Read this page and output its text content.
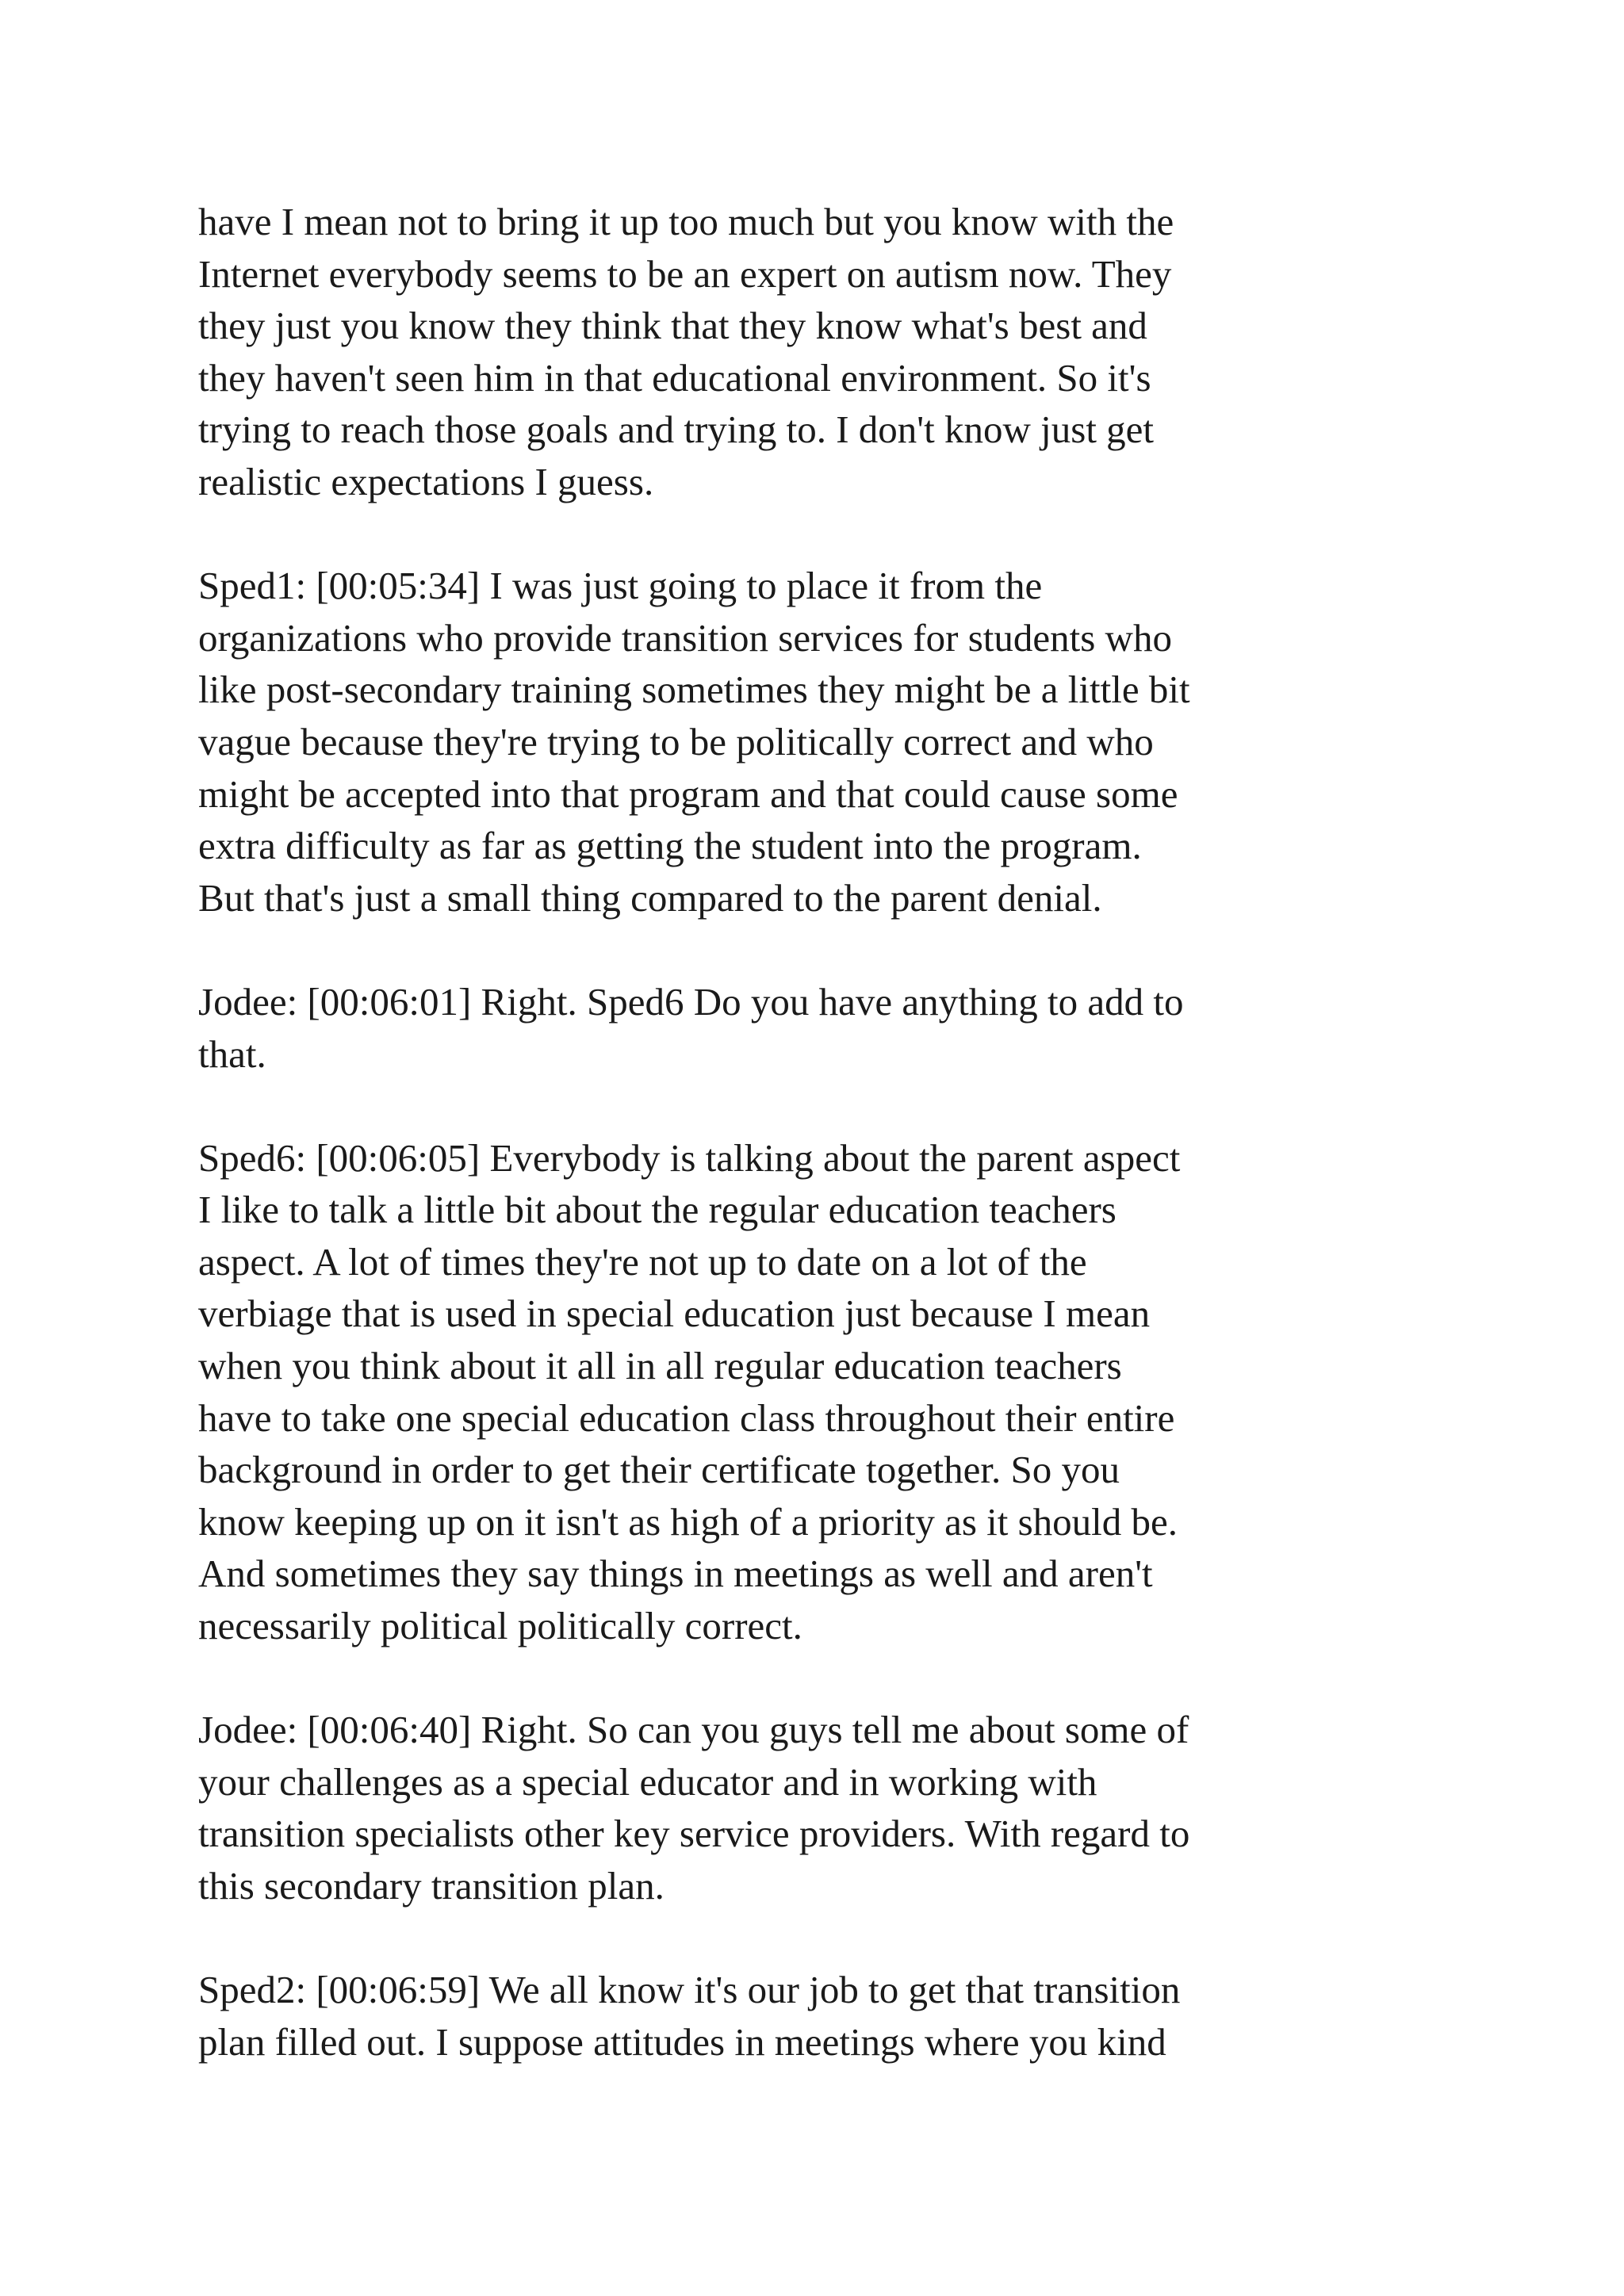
have I mean not to bring it up too much but you know with the
Internet everybody seems to be an expert on autism now. They
they just you know they think that they know what's best and
they haven't seen him in that educational environment. So it's
trying to reach those goals and trying to. I don't know just get
realistic expectations I guess.
Sped1: [00:05:34] I was just going to place it from the
organizations who provide transition services for students who
like post-secondary training sometimes they might be a little bit
vague because they're trying to be politically correct and who
might be accepted into that program and that could cause some
extra difficulty as far as getting the student into the program.
But that's just a small thing compared to the parent denial.
Jodee: [00:06:01] Right. Sped6 Do you have anything to add to
that.
Sped6: [00:06:05] Everybody is talking about the parent aspect
I like to talk a little bit about the regular education teachers
aspect. A lot of times they're not up to date on a lot of the
verbiage that is used in special education just because I mean
when you think about it all in all regular education teachers
have to take one special education class throughout their entire
background in order to get their certificate together. So you
know keeping up on it isn't as high of a priority as it should be.
And sometimes they say things in meetings as well and aren't
necessarily political politically correct.
Jodee: [00:06:40] Right. So can you guys tell me about some of
your challenges as a special educator and in working with
transition specialists other key service providers. With regard to
this secondary transition plan.
Sped2: [00:06:59] We all know it's our job to get that transition
plan filled out. I suppose attitudes in meetings where you kind
